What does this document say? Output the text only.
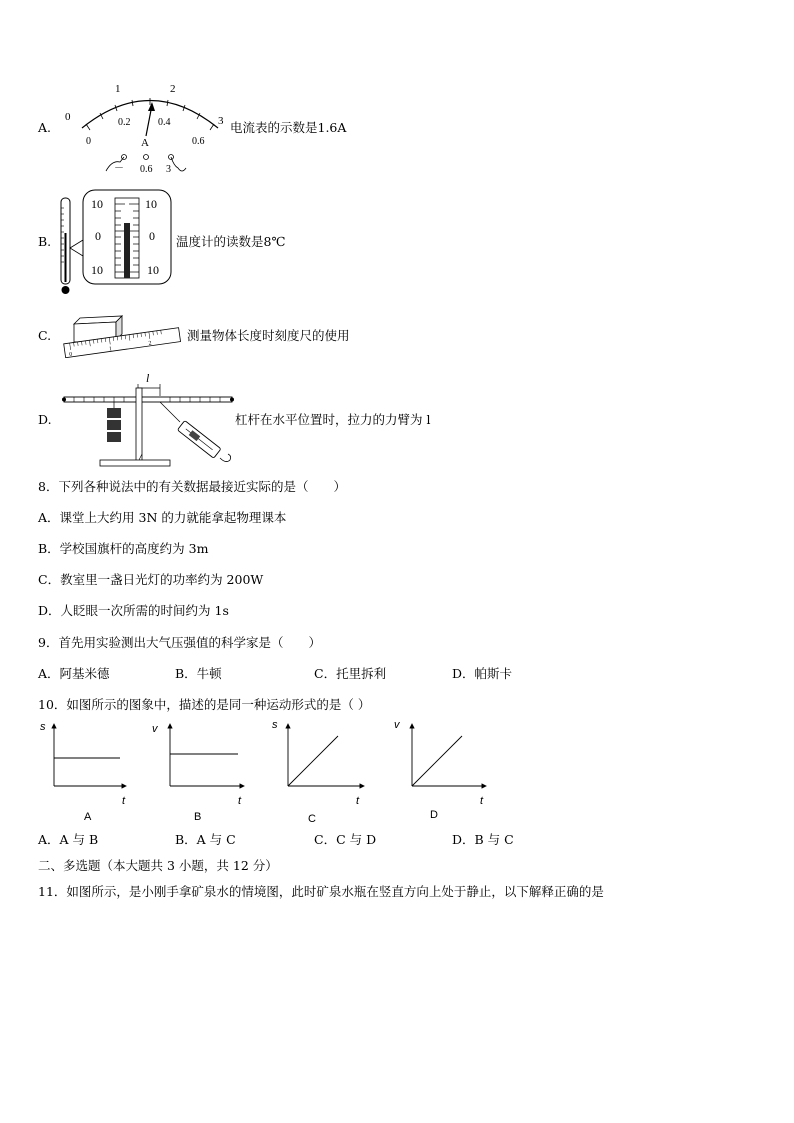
A.
0
1	2
3
0.2	0.4
0.6
0	A
－ 0.6 3
电流表的示数是1.6A
B.
10
0
10
10
0
10
温度计的读数是8℃
C.
0
1
2
测量物体长度时刻度尺的使用
D.
l
杠杆在水平位置时，拉力的力臂为 l
8．下列各种说法中的有关数据最接近实际的是（　　）
A．课堂上大约用 3N 的力就能拿起物理课本
B．学校国旗杆的高度约为 3m
C．教室里一盏日光灯的功率约为 200W
D．人眨眼一次所需的时间约为 1s
9．首先用实验测出大气压强值的科学家是（　　）
A．阿基米德	B．牛顿	C．托里拆利	D．帕斯卡
10．如图所示的图象中，描述的是同一种运动形式的是（ ）
s
t
A
v
t
B
s
t
C
v
t
D
A．A 与 B	B．A 与 C	C．C 与 D	D．B 与 C
二、多选题（本大题共 3 小题，共 12 分）
11．如图所示，是小刚手拿矿泉水的情境图，此时矿泉水瓶在竖直方向上处于静止，以下解释正确的是
